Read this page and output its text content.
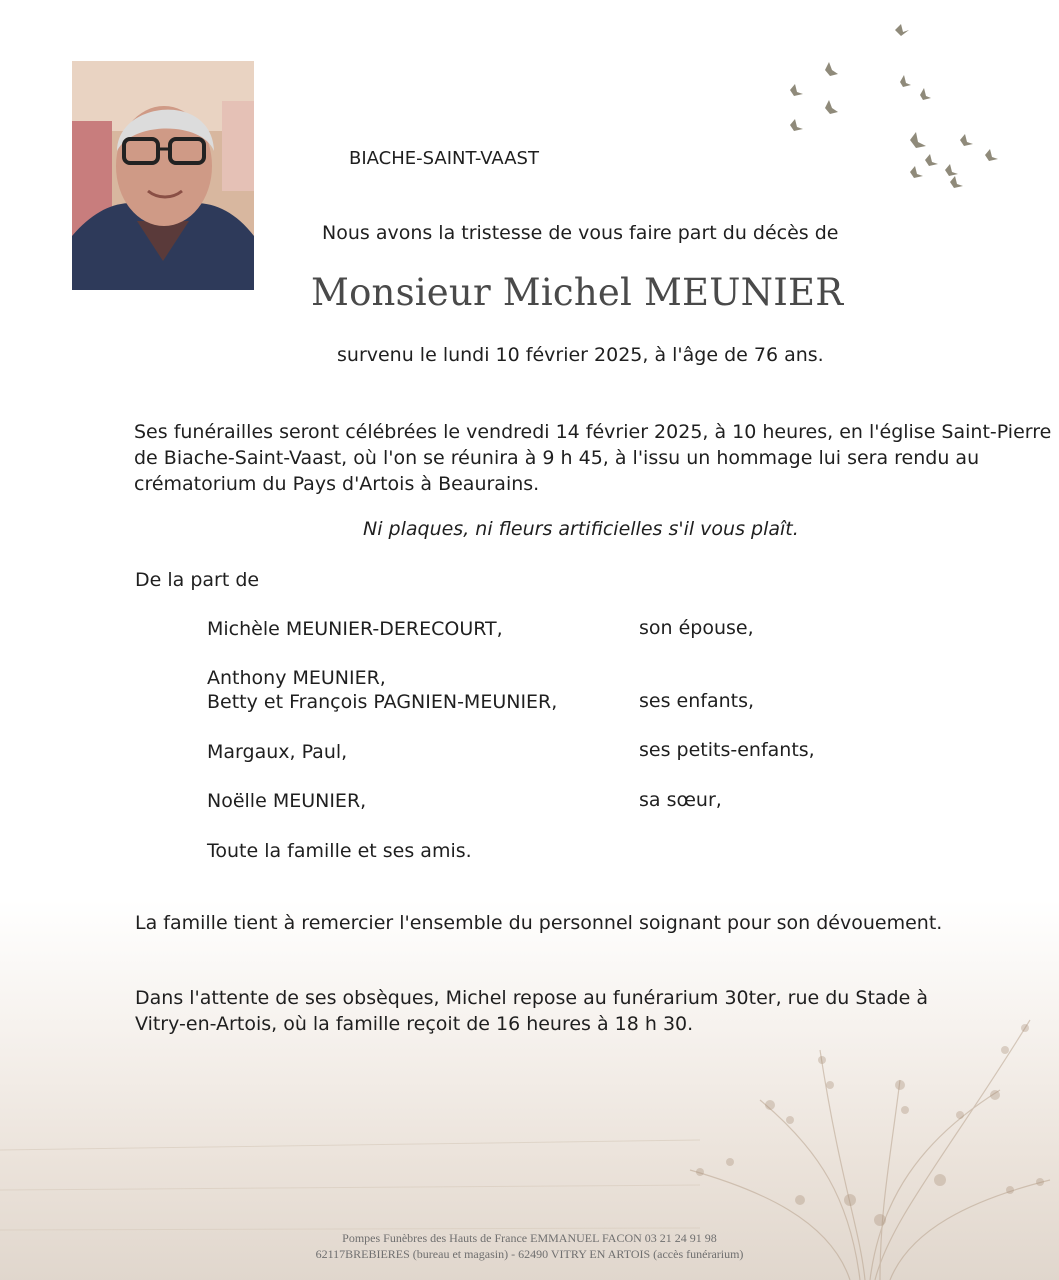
BIACHE-SAINT-VAAST
Nous avons la tristesse de vous faire part du décès de
Monsieur Michel MEUNIER
survenu le lundi 10 février 2025, à l'âge de 76 ans.
Ses funérailles seront célébrées le vendredi 14 février 2025, à 10 heures, en l'église Saint-Pierre
de Biache-Saint-Vaast, où l'on se réunira à 9 h 45, à l'issu un hommage lui sera rendu au
crématorium du Pays d'Artois à Beaurains.
Ni plaques, ni fleurs artificielles s'il vous plaît.
De la part de
Michèle MEUNIER-DERECOURT,	son épouse,
Anthony MEUNIER,
Betty et François PAGNIEN-MEUNIER,	ses enfants,
Margaux, Paul,	ses petits-enfants,
Noëlle MEUNIER,	sa sœur,
Toute la famille et ses amis.
La famille tient à remercier l'ensemble du personnel soignant pour son dévouement.
Dans l'attente de ses obsèques, Michel repose au funérarium 30ter, rue du Stade à
Vitry-en-Artois, où la famille reçoit de 16 heures à 18 h 30.
Pompes Funèbres des Hauts de France EMMANUEL FACON 03 21 24 91 98
62117BREBIERES (bureau et magasin) - 62490 VITRY EN ARTOIS (accès funérarium)
